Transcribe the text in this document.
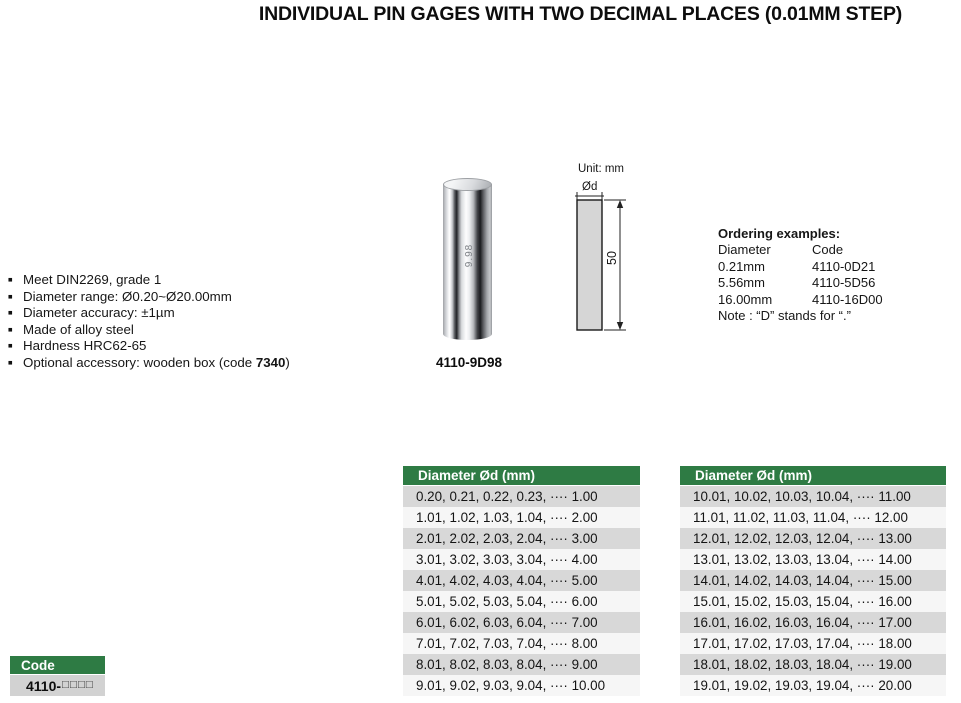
INDIVIDUAL PIN GAGES WITH TWO DECIMAL PLACES (0.01MM STEP)
■ Meet DIN2269, grade 1
■ Diameter range: Ø0.20~Ø20.00mm
■ Diameter accuracy: ±1µm
■ Made of alloy steel
■ Hardness HRC62-65
■ Optional accessory: wooden box (code 7340)
9.98
4110-9D98
Unit: mm
Ød
50
Ordering examples:
Diameter	Code
0.21mm	4110-0D21
5.56mm	4110-5D56
16.00mm	4110-16D00
Note : “D” stands for “.”
Diameter Ød (mm)
0.20, 0.21, 0.22, 0.23, ···· 1.00
1.01, 1.02, 1.03, 1.04, ···· 2.00
2.01, 2.02, 2.03, 2.04, ···· 3.00
3.01, 3.02, 3.03, 3.04, ···· 4.00
4.01, 4.02, 4.03, 4.04, ···· 5.00
5.01, 5.02, 5.03, 5.04, ···· 6.00
6.01, 6.02, 6.03, 6.04, ···· 7.00
7.01, 7.02, 7.03, 7.04, ···· 8.00
8.01, 8.02, 8.03, 8.04, ···· 9.00
9.01, 9.02, 9.03, 9.04, ···· 10.00
Diameter Ød (mm)
10.01, 10.02, 10.03, 10.04, ···· 11.00
11.01, 11.02, 11.03, 11.04, ···· 12.00
12.01, 12.02, 12.03, 12.04, ···· 13.00
13.01, 13.02, 13.03, 13.04, ···· 14.00
14.01, 14.02, 14.03, 14.04, ···· 15.00
15.01, 15.02, 15.03, 15.04, ···· 16.00
16.01, 16.02, 16.03, 16.04, ···· 17.00
17.01, 17.02, 17.03, 17.04, ···· 18.00
18.01, 18.02, 18.03, 18.04, ···· 19.00
19.01, 19.02, 19.03, 19.04, ···· 20.00
Code
4110- □□□□
